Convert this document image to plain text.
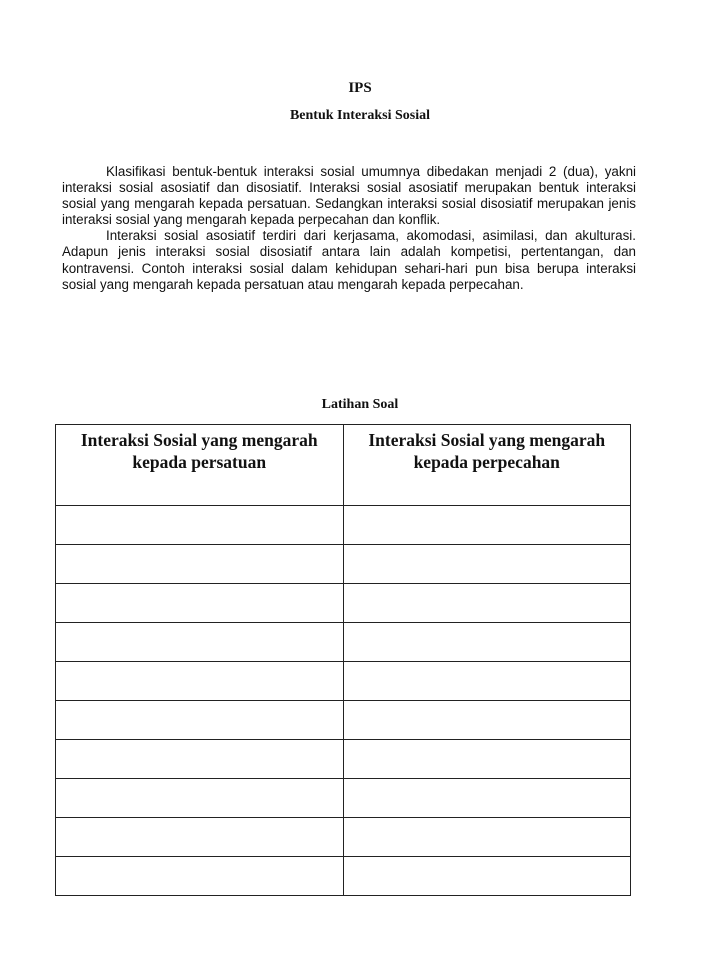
IPS
Bentuk Interaksi Sosial

Klasifikasi bentuk-bentuk interaksi sosial umumnya dibedakan menjadi 2 (dua), yakni interaksi sosial asosiatif dan disosiatif. Interaksi sosial asosiatif merupakan bentuk interaksi sosial yang mengarah kepada persatuan. Sedangkan interaksi sosial disosiatif merupakan jenis interaksi sosial yang mengarah kepada perpecahan dan konflik.

Interaksi sosial asosiatif terdiri dari kerjasama, akomodasi, asimilasi, dan akulturasi. Adapun jenis interaksi sosial disosiatif antara lain adalah kompetisi, pertentangan, dan kontravensi. Contoh interaksi sosial dalam kehidupan sehari-hari pun bisa berupa interaksi sosial yang mengarah kepada persatuan atau mengarah kepada perpecahan.

Latihan Soal
Interaksi Sosial yang mengarah kepada persatuan	Interaksi Sosial yang mengarah kepada perpecahan
